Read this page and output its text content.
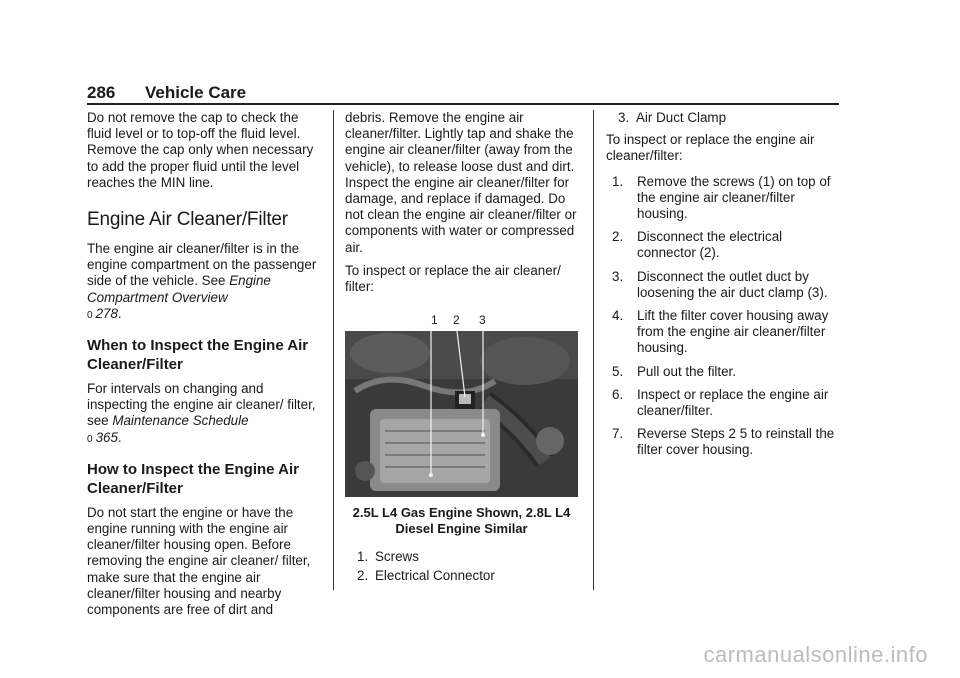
286 Vehicle Care

Do not remove the cap to check the fluid level or to top-off the fluid level. Remove the cap only when necessary to add the proper fluid until the level reaches the MIN line.

Engine Air Cleaner/Filter

The engine air cleaner/filter is in the engine compartment on the passenger side of the vehicle. See Engine Compartment Overview
0 278.

When to Inspect the Engine Air Cleaner/Filter

For intervals on changing and inspecting the engine air cleaner/ filter, see Maintenance Schedule
0 365.

How to Inspect the Engine Air Cleaner/Filter

Do not start the engine or have the engine running with the engine air cleaner/filter housing open. Before removing the engine air cleaner/ filter, make sure that the engine air cleaner/filter housing and nearby components are free of dirt and

debris. Remove the engine air cleaner/filter. Lightly tap and shake the engine air cleaner/filter (away from the vehicle), to release loose dust and dirt. Inspect the engine air cleaner/filter for damage, and replace if damaged. Do not clean the engine air cleaner/filter or components with water or compressed air.

To inspect or replace the air cleaner/ filter:

1 2 3
2.5L L4 Gas Engine Shown, 2.8L L4 Diesel Engine Similar
1. Screws
2. Electrical Connector
3. Air Duct Clamp

To inspect or replace the engine air cleaner/filter:

1. Remove the screws (1) on top of the engine air cleaner/filter housing.
2. Disconnect the electrical connector (2).
3. Disconnect the outlet duct by loosening the air duct clamp (3).
4. Lift the filter cover housing away from the engine air cleaner/filter housing.
5. Pull out the filter.
6. Inspect or replace the engine air cleaner/filter.
7. Reverse Steps 2 5 to reinstall the filter cover housing.
carmanualsonline.info
